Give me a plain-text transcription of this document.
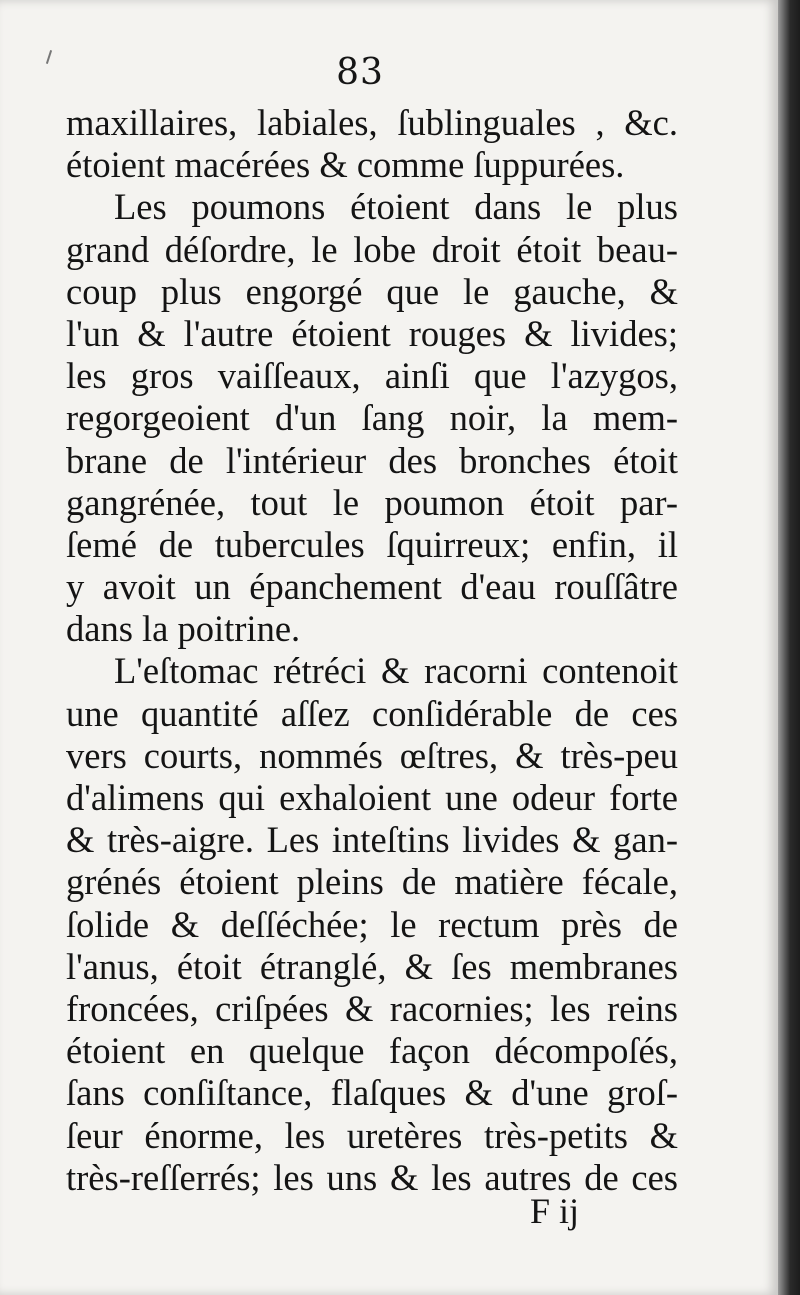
83
maxillaires, labiales, ſublinguales , &c.
étoient macérées & comme ſuppurées.
Les poumons étoient dans le plus
grand déſordre, le lobe droit étoit beau-
coup plus engorgé que le gauche, &
l'un & l'autre étoient rouges & livides;
les gros vaiſſeaux, ainſi que l'azygos,
regorgeoient d'un ſang noir, la mem-
brane de l'intérieur des bronches étoit
gangrénée, tout le poumon étoit par-
ſemé de tubercules ſquirreux; enfin, il
y avoit un épanchement d'eau rouſſâtre
dans la poitrine.
L'eſtomac rétréci & racorni contenoit
une quantité aſſez conſidérable de ces
vers courts, nommés œſtres, & très-peu
d'alimens qui exhaloient une odeur forte
& très-aigre. Les inteſtins livides & gan-
grénés étoient pleins de matière fécale,
ſolide & deſſéchée; le rectum près de
l'anus, étoit étranglé, & ſes membranes
froncées, criſpées & racornies; les reins
étoient en quelque façon décompoſés,
ſans conſiſtance, flaſques & d'une groſ-
ſeur énorme, les uretères très-petits &
très-reſſerrés; les uns & les autres de ces
F ij
